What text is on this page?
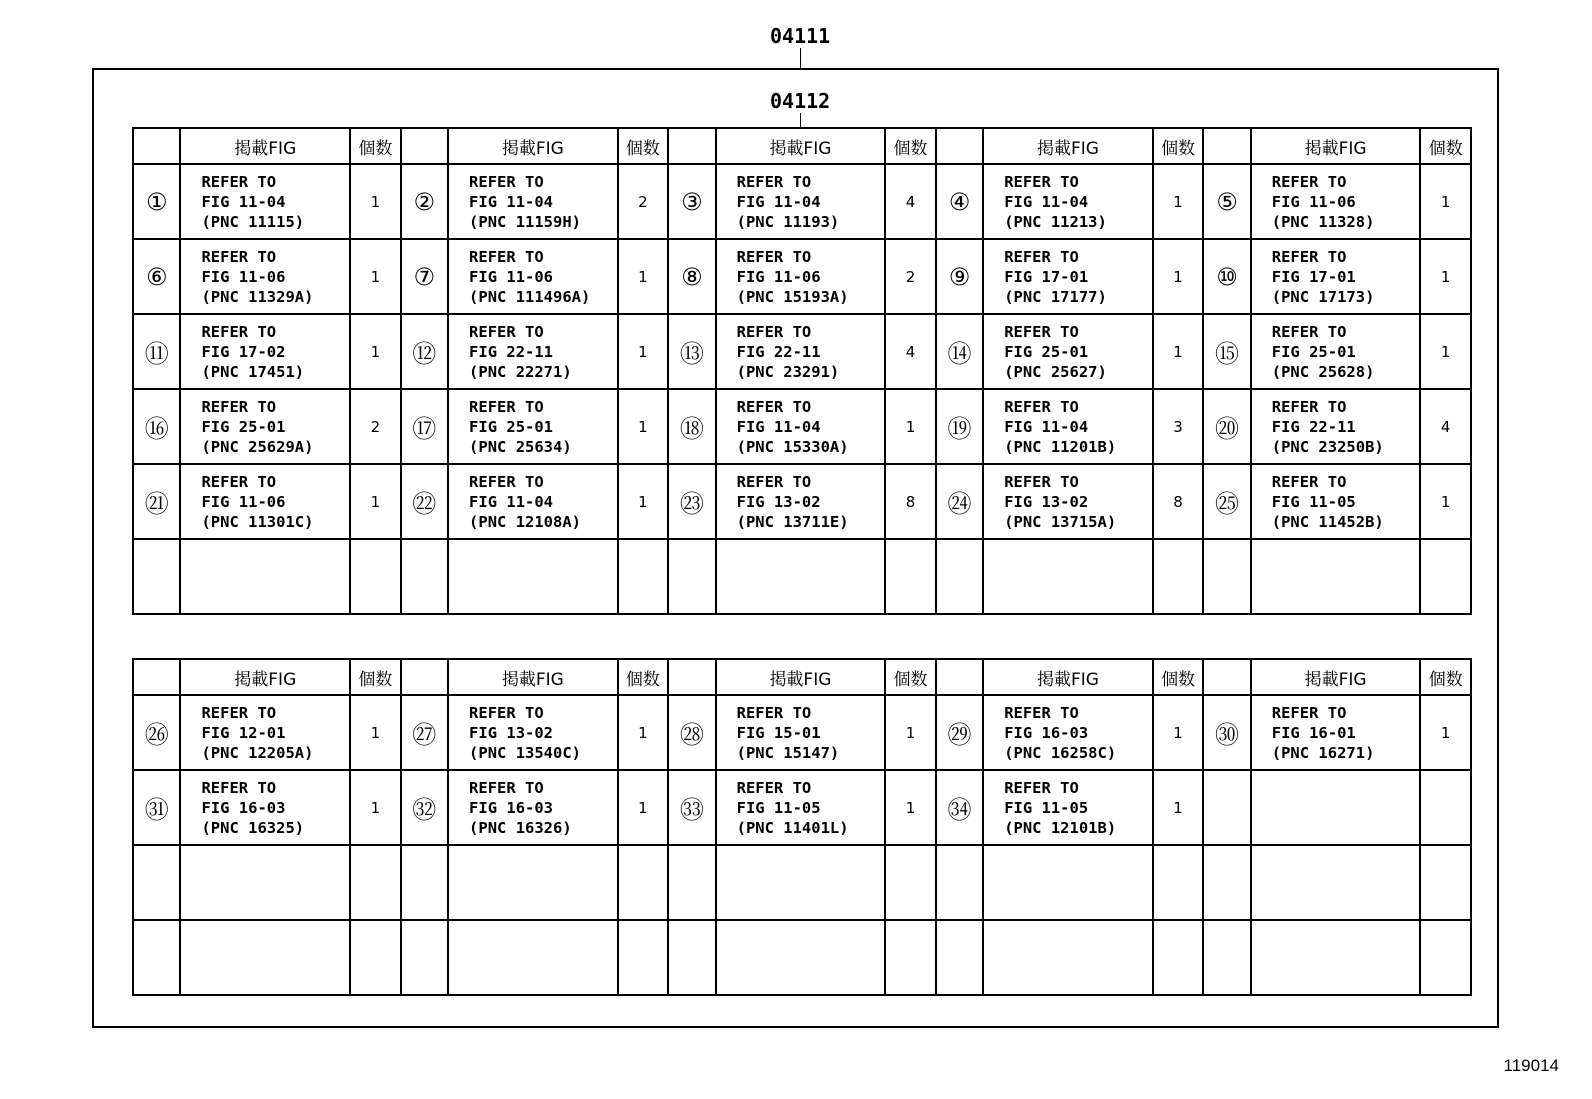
04111
04112
	掲載FIG	個数		掲載FIG	個数		掲載FIG	個数		掲載FIG	個数		掲載FIG	個数
①	REFER TO
FIG 11-04
(PNC 11115)	1	②	REFER TO
FIG 11-04
(PNC 11159H)	2	③	REFER TO
FIG 11-04
(PNC 11193)	4	④	REFER TO
FIG 11-04
(PNC 11213)	1	⑤	REFER TO
FIG 11-06
(PNC 11328)	1
⑥	REFER TO
FIG 11-06
(PNC 11329A)	1	⑦	REFER TO
FIG 11-06
(PNC 111496A)	1	⑧	REFER TO
FIG 11-06
(PNC 15193A)	2	⑨	REFER TO
FIG 17-01
(PNC 17177)	1	⑩	REFER TO
FIG 17-01
(PNC 17173)	1
⑪	REFER TO
FIG 17-02
(PNC 17451)	1	⑫	REFER TO
FIG 22-11
(PNC 22271)	1	⑬	REFER TO
FIG 22-11
(PNC 23291)	4	⑭	REFER TO
FIG 25-01
(PNC 25627)	1	⑮	REFER TO
FIG 25-01
(PNC 25628)	1
⑯	REFER TO
FIG 25-01
(PNC 25629A)	2	⑰	REFER TO
FIG 25-01
(PNC 25634)	1	⑱	REFER TO
FIG 11-04
(PNC 15330A)	1	⑲	REFER TO
FIG 11-04
(PNC 11201B)	3	⑳	REFER TO
FIG 22-11
(PNC 23250B)	4
㉑	REFER TO
FIG 11-06
(PNC 11301C)	1	㉒	REFER TO
FIG 11-04
(PNC 12108A)	1	㉓	REFER TO
FIG 13-02
(PNC 13711E)	8	㉔	REFER TO
FIG 13-02
(PNC 13715A)	8	㉕	REFER TO
FIG 11-05
(PNC 11452B)	1

	掲載FIG	個数		掲載FIG	個数		掲載FIG	個数		掲載FIG	個数		掲載FIG	個数
㉖	REFER TO
FIG 12-01
(PNC 12205A)	1	㉗	REFER TO
FIG 13-02
(PNC 13540C)	1	㉘	REFER TO
FIG 15-01
(PNC 15147)	1	㉙	REFER TO
FIG 16-03
(PNC 16258C)	1	㉚	REFER TO
FIG 16-01
(PNC 16271)	1
㉛	REFER TO
FIG 16-03
(PNC 16325)	1	㉜	REFER TO
FIG 16-03
(PNC 16326)	1	㉝	REFER TO
FIG 11-05
(PNC 11401L)	1	㉞	REFER TO
FIG 11-05
(PNC 12101B)	1			

119014
